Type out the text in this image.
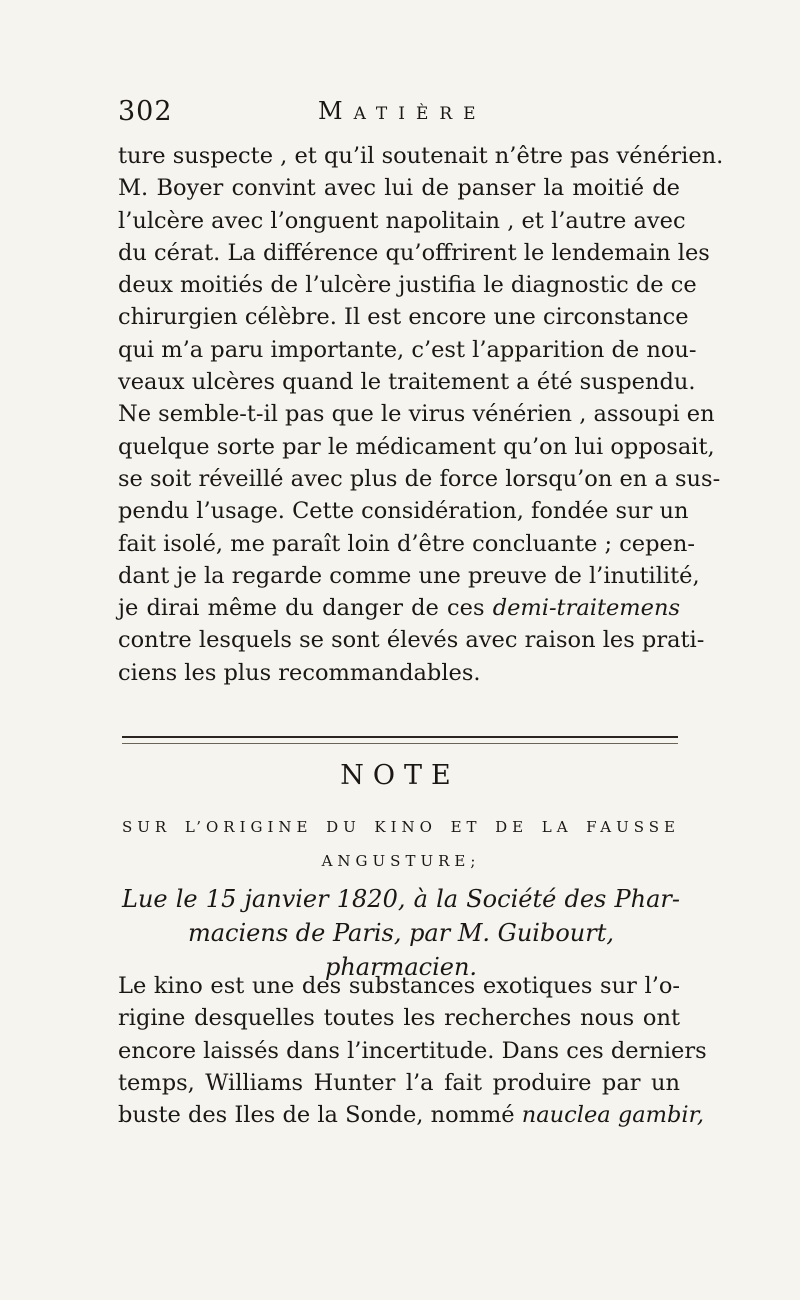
302	Matière
ture suspecte , et qu’il soutenait n’être pas vénérien.
M. Boyer convint avec lui de panser la moitié de
l’ulcère avec l’onguent napolitain , et l’autre avec
du cérat. La différence qu’offrirent le lendemain les
deux moitiés de l’ulcère justifia le diagnostic de ce
chirurgien célèbre. Il est encore une circonstance
qui m’a paru importante, c’est l’apparition de nou-
veaux ulcères quand le traitement a été suspendu.
Ne semble-t-il pas que le virus vénérien , assoupi en
quelque sorte par le médicament qu’on lui opposait,
se soit réveillé avec plus de force lorsqu’on en a sus-
pendu l’usage. Cette considération, fondée sur un
fait isolé, me paraît loin d’être concluante ; cepen-
dant je la regarde comme une preuve de l’inutilité,
je dirai même du danger de ces demi-traitemens
contre lesquels se sont élevés avec raison les prati-
ciens les plus recommandables.
NOTE
SUR L’ORIGINE DU KINO ET DE LA FAUSSE
ANGUSTURE;
Lue le 15 janvier 1820, à la Société des Phar-
maciens de Paris, par M. Guibourt, pharmacien.
Le kino est une des substances exotiques sur l’o-
rigine desquelles toutes les recherches nous ont
encore laissés dans l’incertitude. Dans ces derniers
temps, Williams Hunter l’a fait produire par un
buste des Iles de la Sonde, nommé nauclea gambir,
